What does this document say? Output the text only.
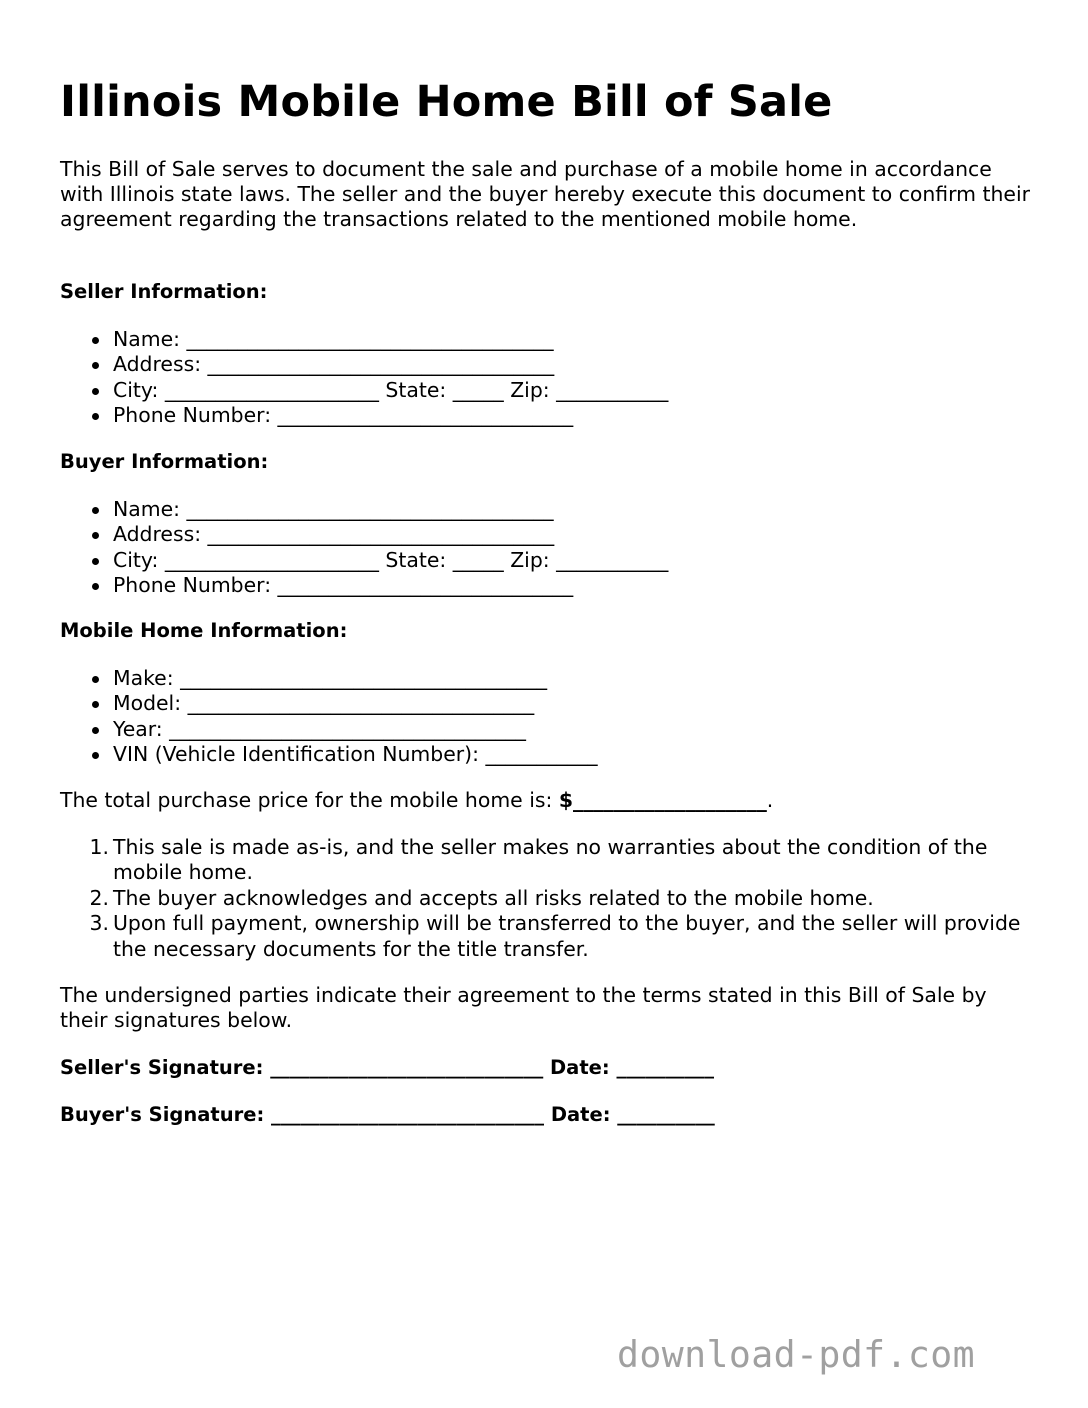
Illinois Mobile Home Bill of Sale

This Bill of Sale serves to document the sale and purchase of a mobile home in accordance with Illinois state laws. The seller and the buyer hereby execute this document to confirm their agreement regarding the transactions related to the mentioned mobile home.

Seller Information:

Name: ____________________________________
Address: __________________________________
City: _____________________ State: _____ Zip: ___________
Phone Number: _____________________________

Buyer Information:

Name: ____________________________________
Address: __________________________________
City: _____________________ State: _____ Zip: ___________
Phone Number: _____________________________

Mobile Home Information:

Make: ____________________________________
Model: __________________________________
Year: ___________________________________
VIN (Vehicle Identification Number): ___________

The total purchase price for the mobile home is: $___________________.

1. This sale is made as-is, and the seller makes no warranties about the condition of the mobile home.
2. The buyer acknowledges and accepts all risks related to the mobile home.
3. Upon full payment, ownership will be transferred to the buyer, and the seller will provide the necessary documents for the title transfer.

The undersigned parties indicate their agreement to the terms stated in this Bill of Sale by their signatures below.

Seller's Signature: ____________________________ Date: __________

Buyer's Signature: ____________________________ Date: __________

download-pdf.com
